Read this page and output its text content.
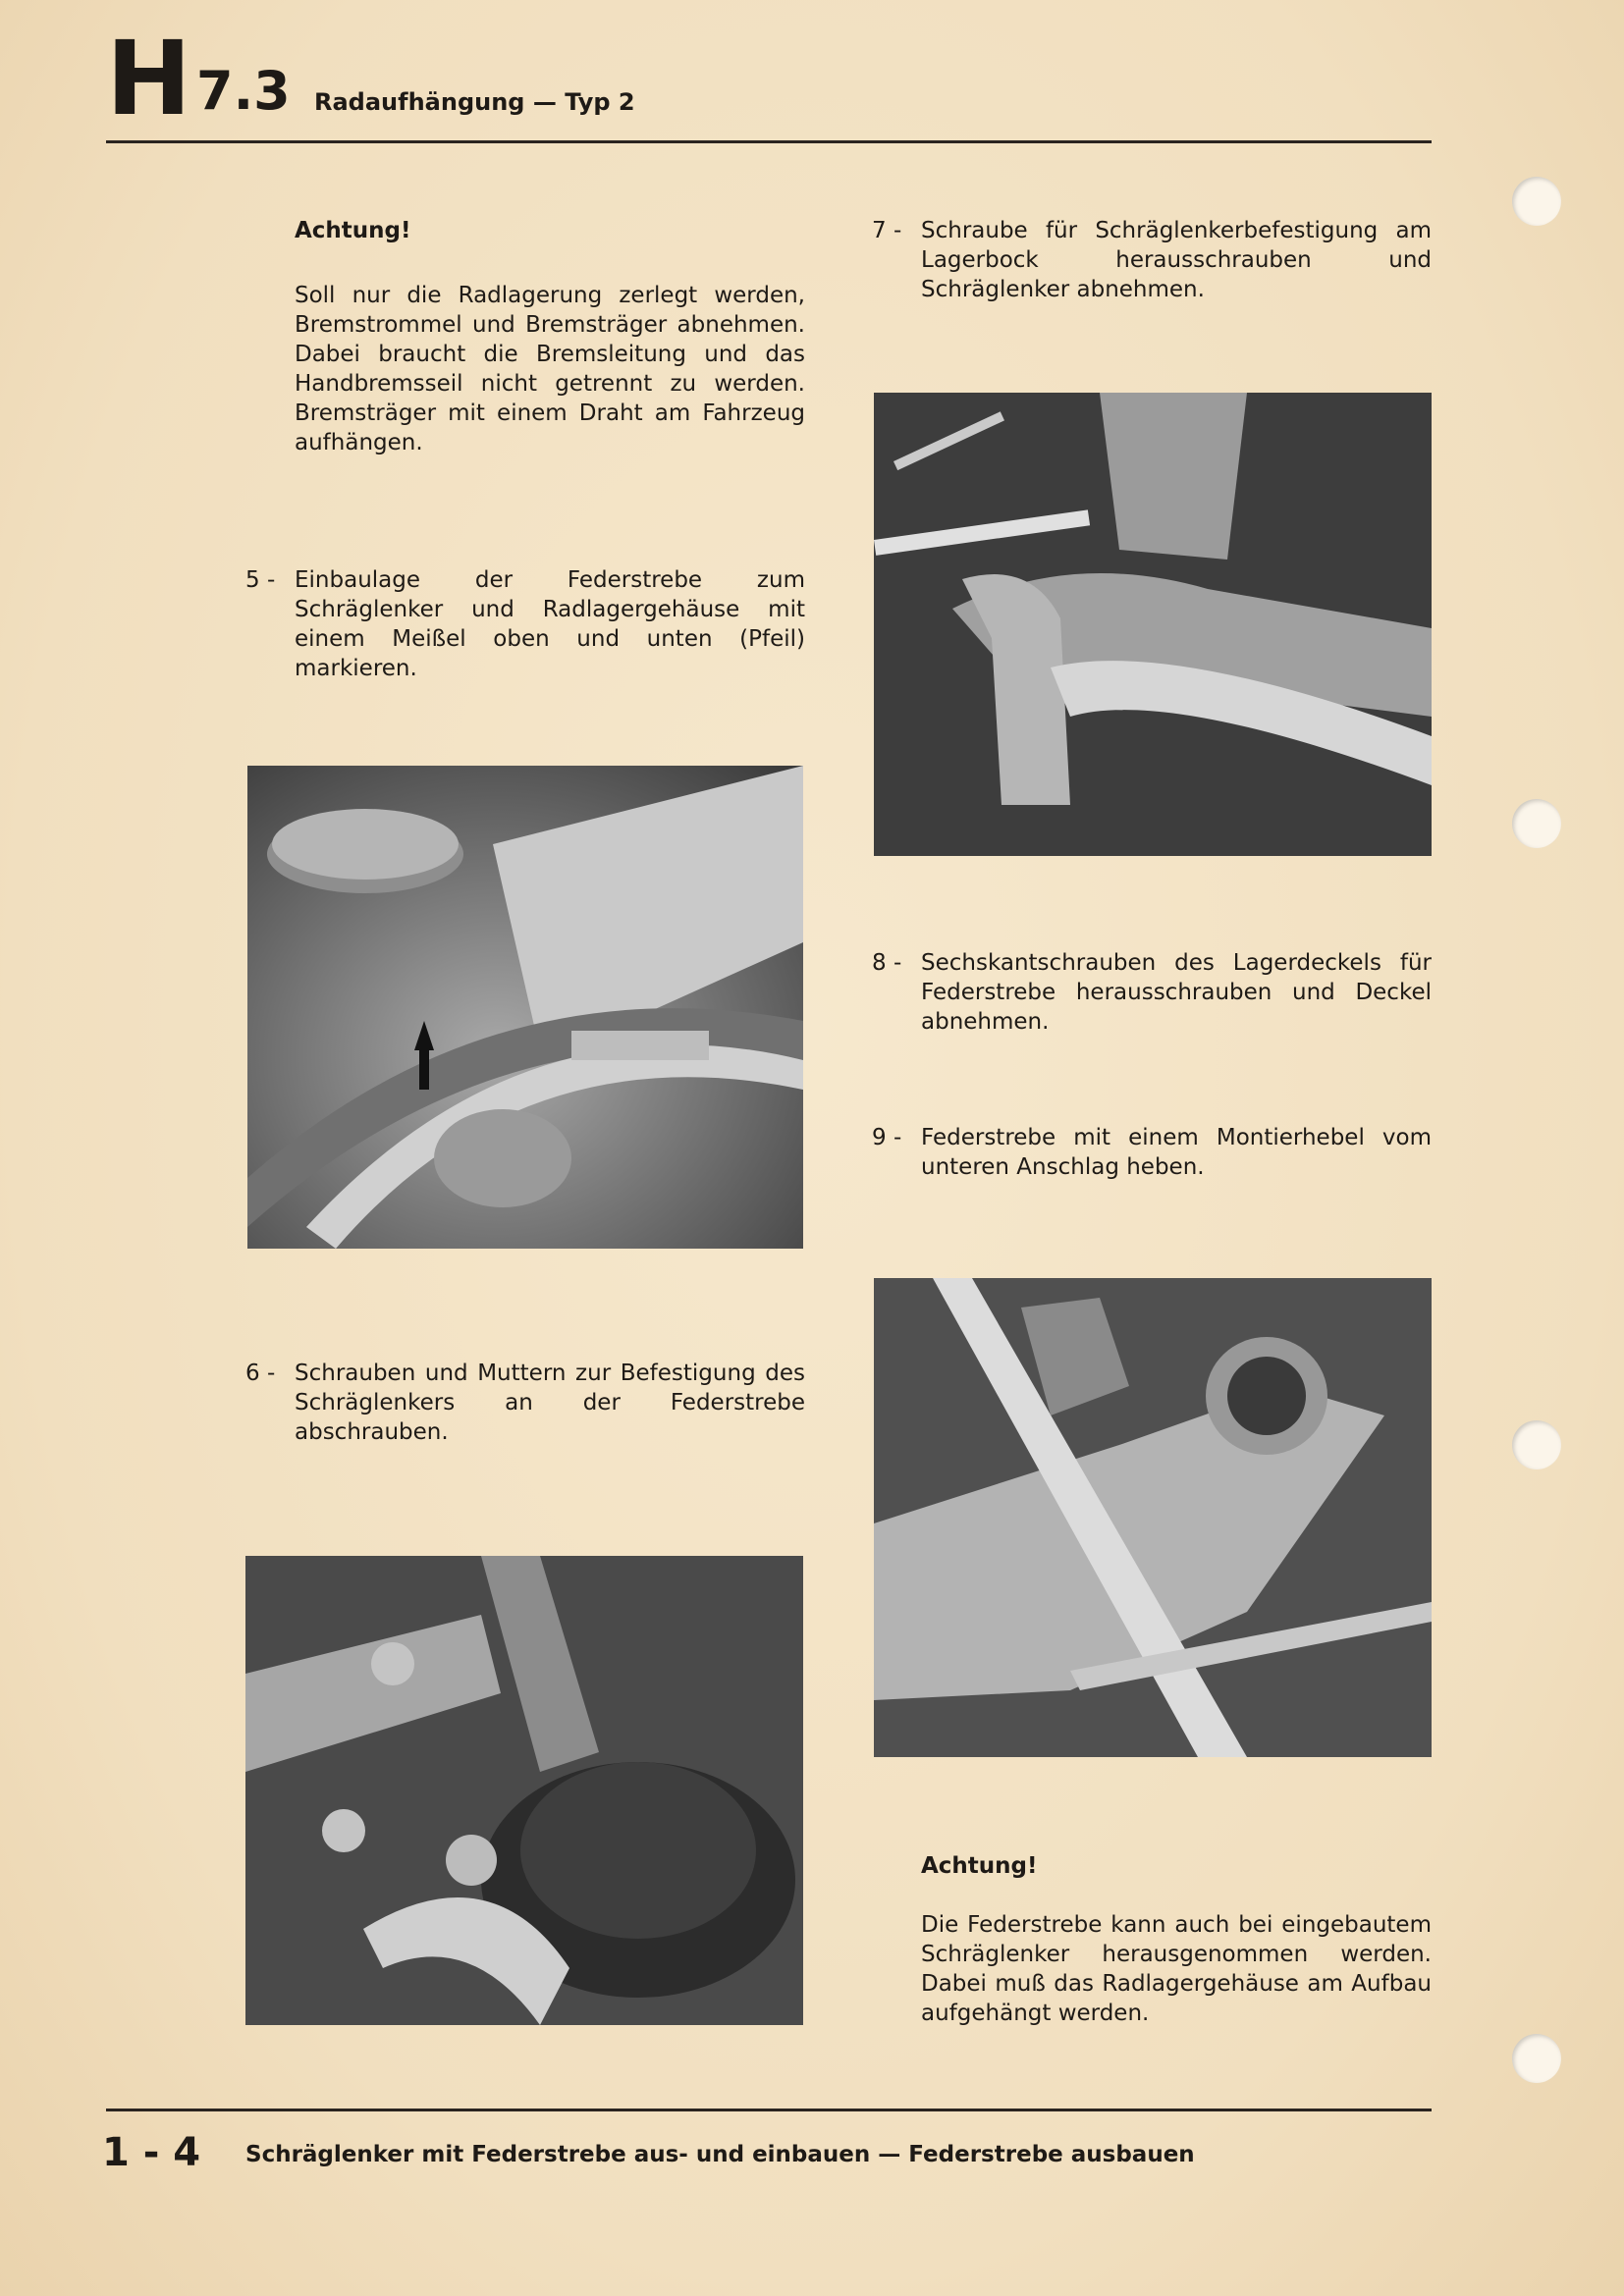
H 7.3 Radaufhängung — Typ 2
Achtung!
Soll nur die Radlagerung zerlegt werden, Bremstrommel und Bremsträger abnehmen. Dabei braucht die Bremsleitung und das Handbremsseil nicht getrennt zu werden. Bremsträger mit einem Draht am Fahrzeug aufhängen.
5 - Einbaulage der Federstrebe zum Schräglenker und Radlagergehäuse mit einem Meißel oben und unten (Pfeil) markieren.
6 - Schrauben und Muttern zur Befestigung des Schräglenkers an der Federstrebe abschrauben.
7 - Schraube für Schräglenkerbefestigung am Lagerbock herausschrauben und Schräglenker abnehmen.
8 - Sechskantschrauben des Lagerdeckels für Federstrebe herausschrauben und Deckel abnehmen.
9 - Federstrebe mit einem Montierhebel vom unteren Anschlag heben.
Achtung!
Die Federstrebe kann auch bei eingebautem Schräglenker herausgenommen werden. Dabei muß das Radlagergehäuse am Aufbau aufgehängt werden.
1 - 4 Schräglenker mit Federstrebe aus- und einbauen — Federstrebe ausbauen
